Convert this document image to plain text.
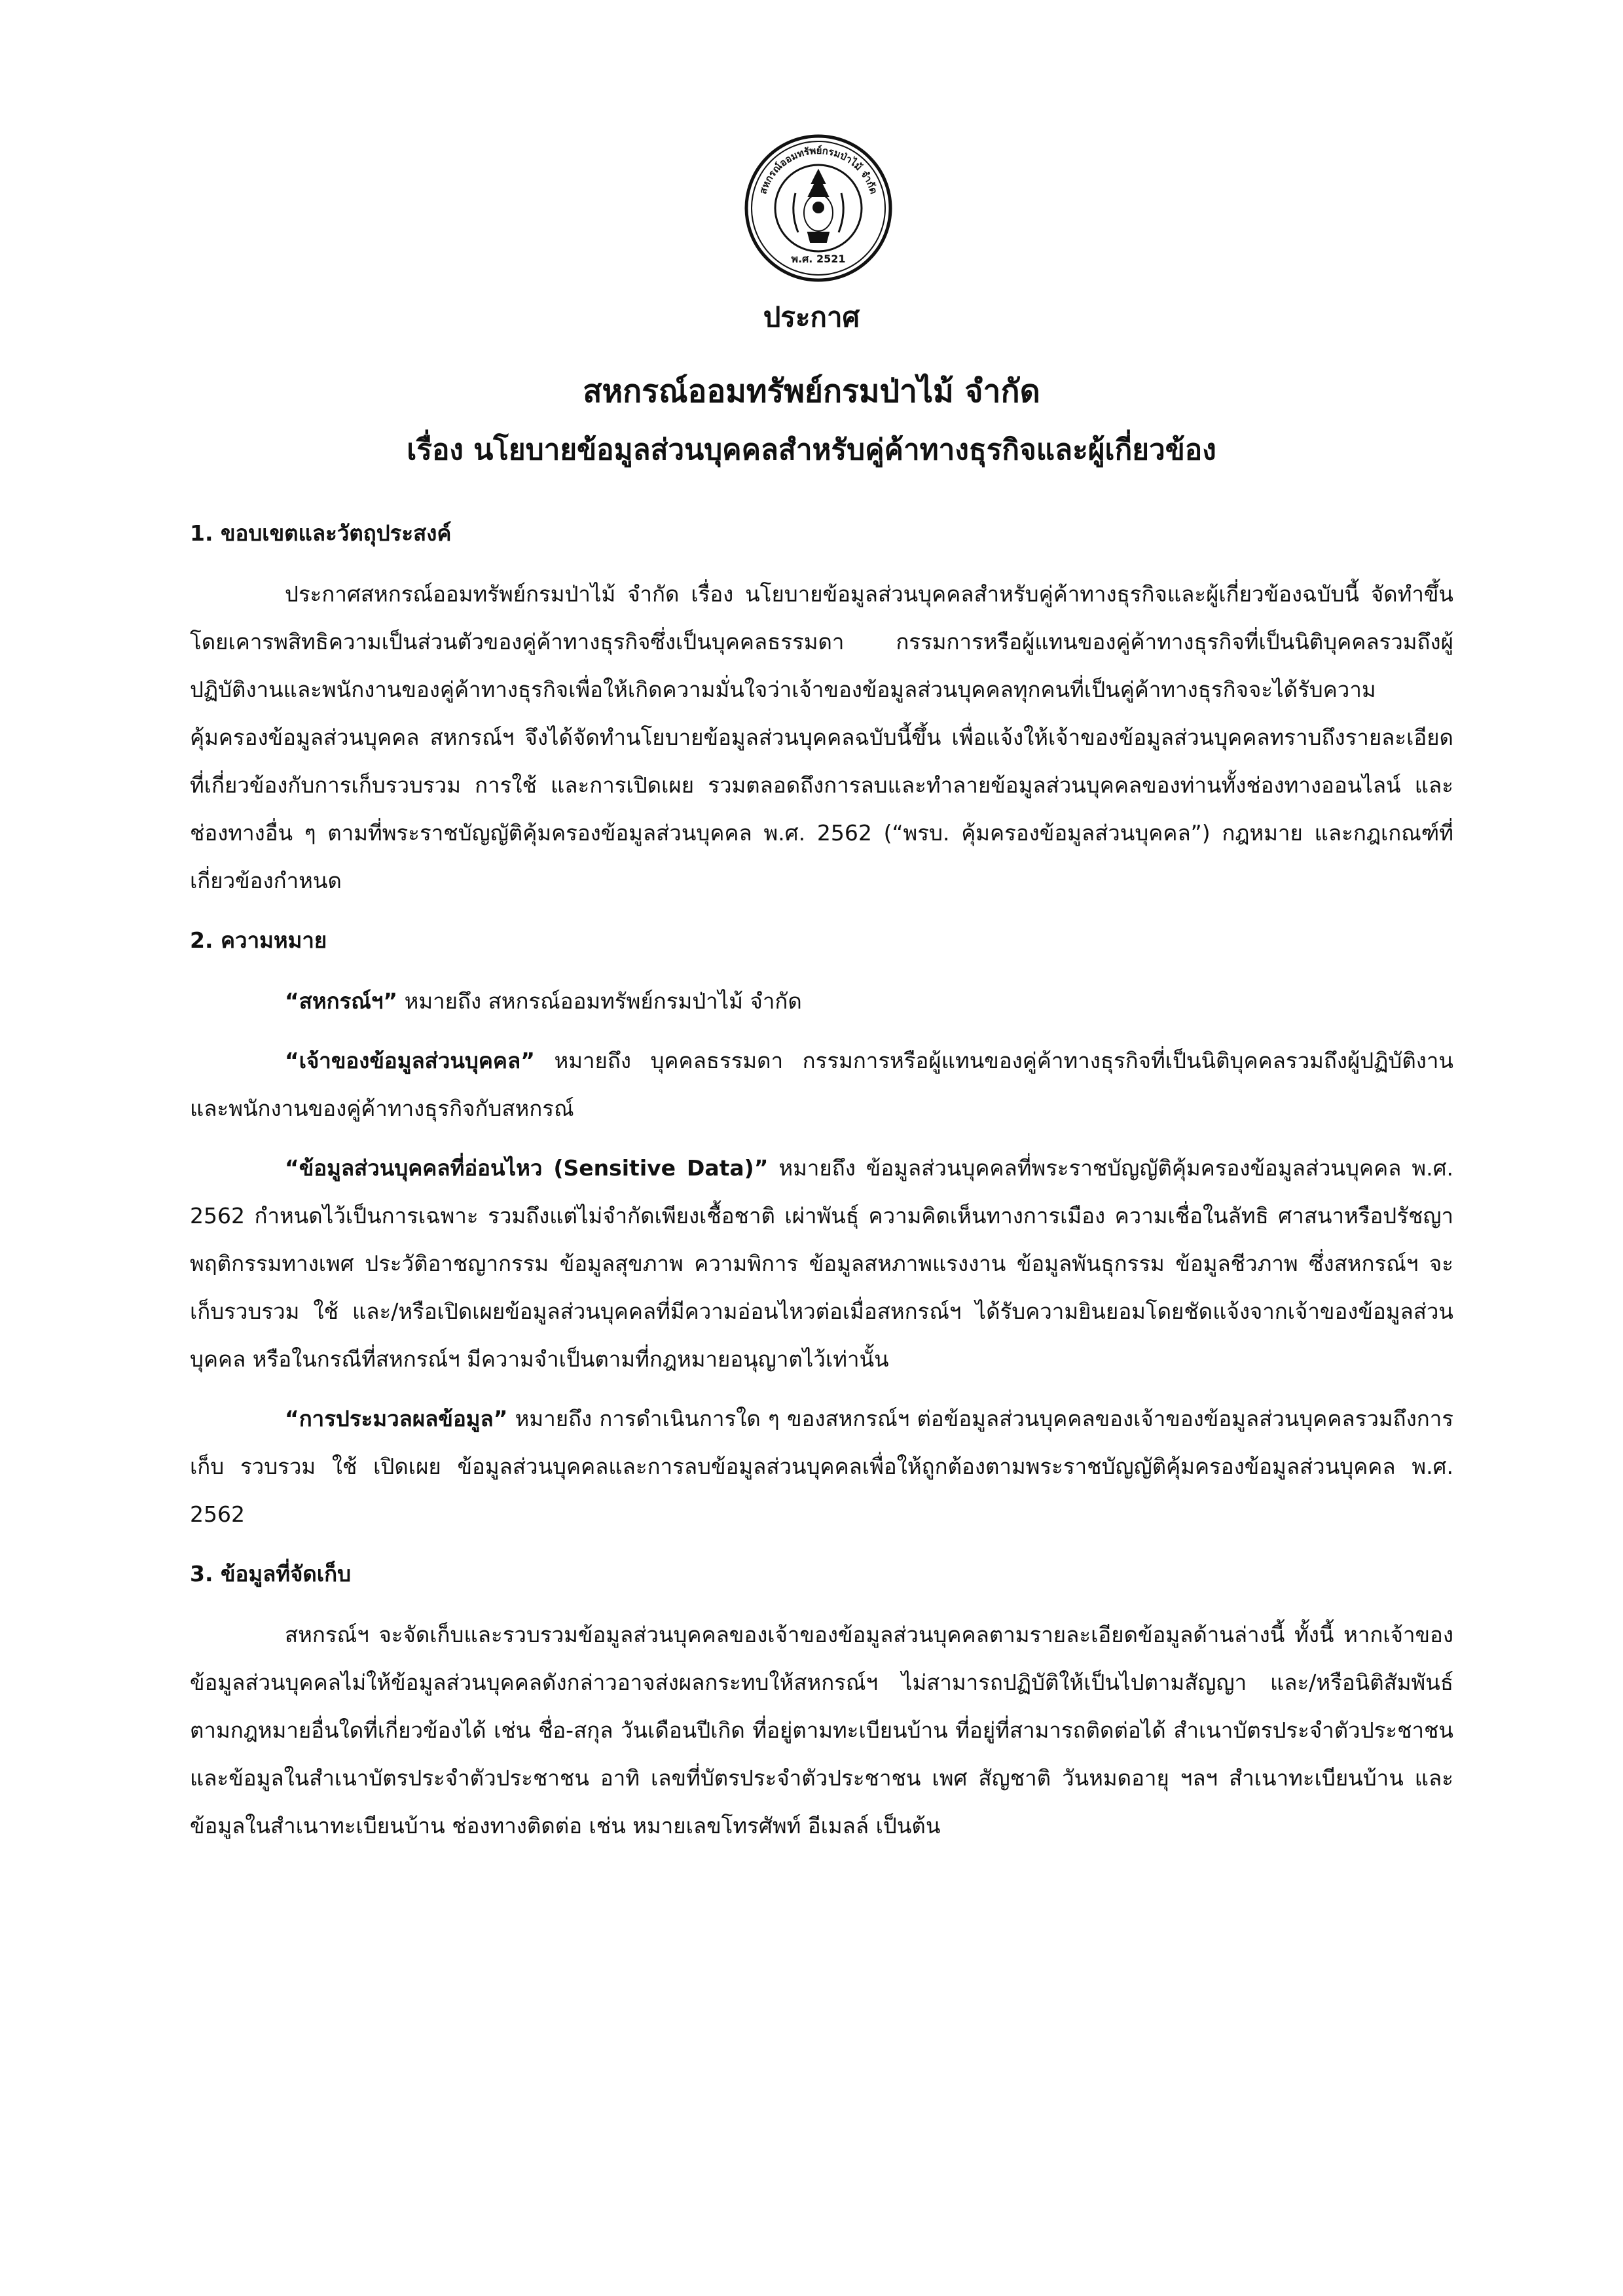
สหกรณ์ออมทรัพย์กรมป่าไม้ จำกัด
พ.ศ. 2521
ประกาศ
สหกรณ์ออมทรัพย์กรมป่าไม้ จำกัด
เรื่อง นโยบายข้อมูลส่วนบุคคลสำหรับคู่ค้าทางธุรกิจและผู้เกี่ยวข้อง
1. ขอบเขตและวัตถุประสงค์

ประกาศสหกรณ์ออมทรัพย์กรมป่าไม้ จำกัด เรื่อง นโยบายข้อมูลส่วนบุคคลสำหรับคู่ค้าทางธุรกิจและผู้เกี่ยวข้องฉบับนี้ จัดทำขึ้นโดยเคารพสิทธิความเป็นส่วนตัวของคู่ค้าทางธุรกิจซึ่งเป็นบุคคลธรรมดา กรรมการหรือผู้แทนของคู่ค้าทางธุรกิจที่เป็นนิติบุคคลรวมถึงผู้ปฏิบัติงานและพนักงานของคู่ค้าทางธุรกิจเพื่อให้เกิดความมั่นใจว่าเจ้าของข้อมูลส่วนบุคคลทุกคนที่เป็นคู่ค้าทางธุรกิจจะได้รับความคุ้มครองข้อมูลส่วนบุคคล สหกรณ์ฯ จึงได้จัดทำนโยบายข้อมูลส่วนบุคคลฉบับนี้ขึ้น เพื่อแจ้งให้เจ้าของข้อมูลส่วนบุคคลทราบถึงรายละเอียดที่เกี่ยวข้องกับการเก็บรวบรวม การใช้ และการเปิดเผย รวมตลอดถึงการลบและทำลายข้อมูลส่วนบุคคลของท่านทั้งช่องทางออนไลน์ และช่องทางอื่น ๆ ตามที่พระราชบัญญัติคุ้มครองข้อมูลส่วนบุคคล พ.ศ. 2562 (“พรบ. คุ้มครองข้อมูลส่วนบุคคล”) กฎหมาย และกฎเกณฑ์ที่เกี่ยวข้องกำหนด

2. ความหมาย

“สหกรณ์ฯ” หมายถึง สหกรณ์ออมทรัพย์กรมป่าไม้ จำกัด

“เจ้าของข้อมูลส่วนบุคคล” หมายถึง บุคคลธรรมดา กรรมการหรือผู้แทนของคู่ค้าทางธุรกิจที่เป็นนิติบุคคลรวมถึงผู้ปฏิบัติงานและพนักงานของคู่ค้าทางธุรกิจกับสหกรณ์

“ข้อมูลส่วนบุคคลที่อ่อนไหว (Sensitive Data)” หมายถึง ข้อมูลส่วนบุคคลที่พระราชบัญญัติคุ้มครองข้อมูลส่วนบุคคล พ.ศ. 2562 กำหนดไว้เป็นการเฉพาะ รวมถึงแต่ไม่จำกัดเพียงเชื้อชาติ เผ่าพันธุ์ ความคิดเห็นทางการเมือง ความเชื่อในลัทธิ ศาสนาหรือปรัชญา พฤติกรรมทางเพศ ประวัติอาชญากรรม ข้อมูลสุขภาพ ความพิการ ข้อมูลสหภาพแรงงาน ข้อมูลพันธุกรรม ข้อมูลชีวภาพ ซึ่งสหกรณ์ฯ จะเก็บรวบรวม ใช้ และ/หรือเปิดเผยข้อมูลส่วนบุคคลที่มีความอ่อนไหวต่อเมื่อสหกรณ์ฯ ได้รับความยินยอมโดยชัดแจ้งจากเจ้าของข้อมูลส่วนบุคคล หรือในกรณีที่สหกรณ์ฯ มีความจำเป็นตามที่กฎหมายอนุญาตไว้เท่านั้น

“การประมวลผลข้อมูล” หมายถึง การดำเนินการใด ๆ ของสหกรณ์ฯ ต่อข้อมูลส่วนบุคคลของเจ้าของข้อมูลส่วนบุคคลรวมถึงการเก็บ รวบรวม ใช้ เปิดเผย ข้อมูลส่วนบุคคลและการลบข้อมูลส่วนบุคคลเพื่อให้ถูกต้องตามพระราชบัญญัติคุ้มครองข้อมูลส่วนบุคคล พ.ศ. 2562

3. ข้อมูลที่จัดเก็บ

สหกรณ์ฯ จะจัดเก็บและรวบรวมข้อมูลส่วนบุคคลของเจ้าของข้อมูลส่วนบุคคลตามรายละเอียดข้อมูลด้านล่างนี้ ทั้งนี้ หากเจ้าของข้อมูลส่วนบุคคลไม่ให้ข้อมูลส่วนบุคคลดังกล่าวอาจส่งผลกระทบให้สหกรณ์ฯ ไม่สามารถปฏิบัติให้เป็นไปตามสัญญา และ/หรือนิติสัมพันธ์ตามกฎหมายอื่นใดที่เกี่ยวข้องได้ เช่น ชื่อ-สกุล วันเดือนปีเกิด ที่อยู่ตามทะเบียนบ้าน ที่อยู่ที่สามารถติดต่อได้ สำเนาบัตรประจำตัวประชาชนและข้อมูลในสำเนาบัตรประจำตัวประชาชน อาทิ เลขที่บัตรประจำตัวประชาชน เพศ สัญชาติ วันหมดอายุ ฯลฯ สำเนาทะเบียนบ้าน และข้อมูลในสำเนาทะเบียนบ้าน ช่องทางติดต่อ เช่น หมายเลขโทรศัพท์ อีเมลล์ เป็นต้น
